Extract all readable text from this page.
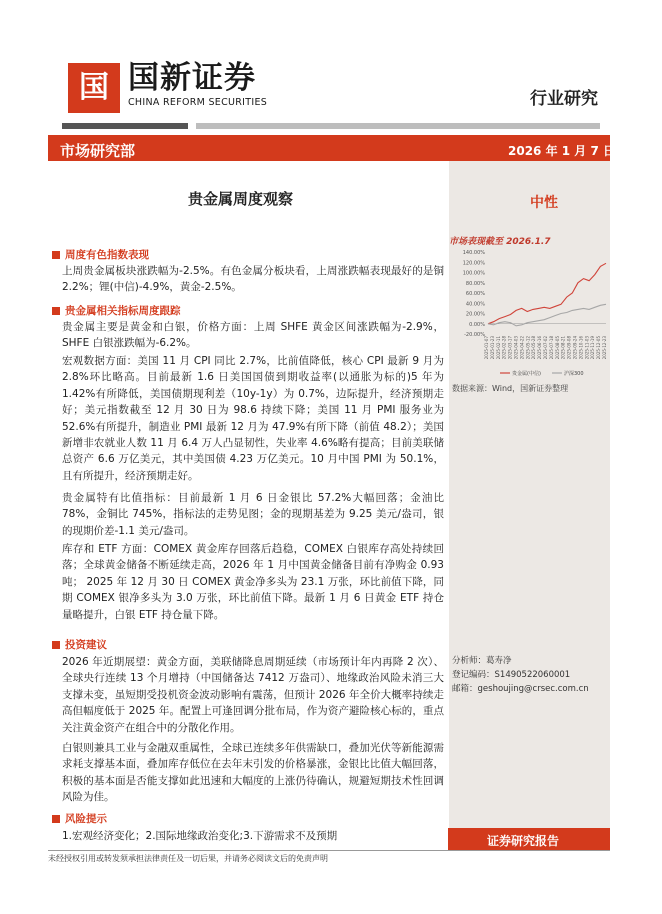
国 国新证券
CHINA REFORM SECURITIES	行业研究
市场研究部	2026 年 1 月 7 日
贵金属周度观察	中性
周度有色指数表现
上周贵金属板块涨跌幅为-2.5%。有色金属分板块看，上周涨跌幅表现最好的是铜 2.2%；锂(中信)-4.9%，黄金-2.5%。
贵金属相关指标周度跟踪
贵金属主要是黄金和白银，价格方面：上周 SHFE 黄金区间涨跌幅为-2.9%，SHFE 白银涨跌幅为-6.2%。
宏观数据方面：美国 11 月 CPI 同比 2.7%，比前值降低，核心 CPI 最新 9 月为 2.8%环比略高。目前最新 1.6 日美国国债到期收益率(以通胀为标的)5 年为 1.42%有所降低，美国债期现利差（10y-1y）为 0.7%，边际提升，经济预期走好；美元指数截至 12 月 30 日为 98.6 持续下降；美国 11 月 PMI 服务业为 52.6%有所提升，制造业 PMI 最新 12 月为 47.9%有所下降（前值 48.2）；美国新增非农就业人数 11 月 6.4 万人凸显韧性，失业率 4.6%略有提高；目前美联储总资产 6.6 万亿美元，其中美国债 4.23 万亿美元。10 月中国 PMI 为 50.1%，且有所提升，经济预期走好。
贵金属特有比值指标：目前最新 1 月 6 日金银比 57.2%大幅回落；金油比 78%，金铜比 745%，指标法的走势见图；金的现期基差为 9.25 美元/盎司，银的现期价差-1.1 美元/盎司。
库存和 ETF 方面：COMEX 黄金库存回落后趋稳，COMEX 白银库存高处持续回落；全球黄金储备不断延续走高，2026 年 1 月中国黄金储备目前有净购金 0.93 吨； 2025 年 12 月 30 日 COMEX 黄金净多头为 23.1 万张，环比前值下降，同期 COMEX 银净多头为 3.0 万张，环比前值下降。最新 1 月 6 日黄金 ETF 持仓量略提升，白银 ETF 持仓量下降。
投资建议
2026 年近期展望：黄金方面，美联储降息周期延续（市场预计年内再降 2 次）、全球央行连续 13 个月增持（中国储备达 7412 万盎司）、地缘政治风险未消三大支撑未变，虽短期受投机资金波动影响有震荡，但预计 2026 年全价大概率持续走高但幅度低于 2025 年。配置上可逢回调分批布局，作为资产避险核心标的，重点关注黄金资产在组合中的分散化作用。
白银则兼具工业与金融双重属性，全球已连续多年供需缺口，叠加光伏等新能源需求耗支撑基本面，叠加库存低位在去年末引发的价格暴涨，金银比比值大幅回落，积极的基本面是否能支撑如此迅速和大幅度的上涨仍待确认，规避短期技术性回调风险为佳。
风险提示
1.宏观经济变化；2.国际地缘政治变化;3.下游需求不及预期
市场表现截至 2026.1.7
140.00%
120.00%
100.00%
80.00%
60.00%
40.00%
20.00%
0.00%
-20.00%
2025-01-07 2025-01-23 2025-02-11 2025-02-28 2025-03-17 2025-04-03 2025-04-22 2025-05-12 2025-05-28 2025-06-16 2025-07-02 2025-07-18 2025-08-05 2025-08-21 2025-09-08 2025-09-24 2025-10-16 2025-11-03 2025-11-19 2025-12-05 2025-12-23
贵金属(中信)	沪深300
数据来源：Wind，国新证券整理
分析师：葛寿净
登记编码：S1490522060001
邮箱：geshoujing@crsec.com.cn
证券研究报告
未经授权引用或转发须承担法律责任及一切后果，并请务必阅读文后的免责声明
